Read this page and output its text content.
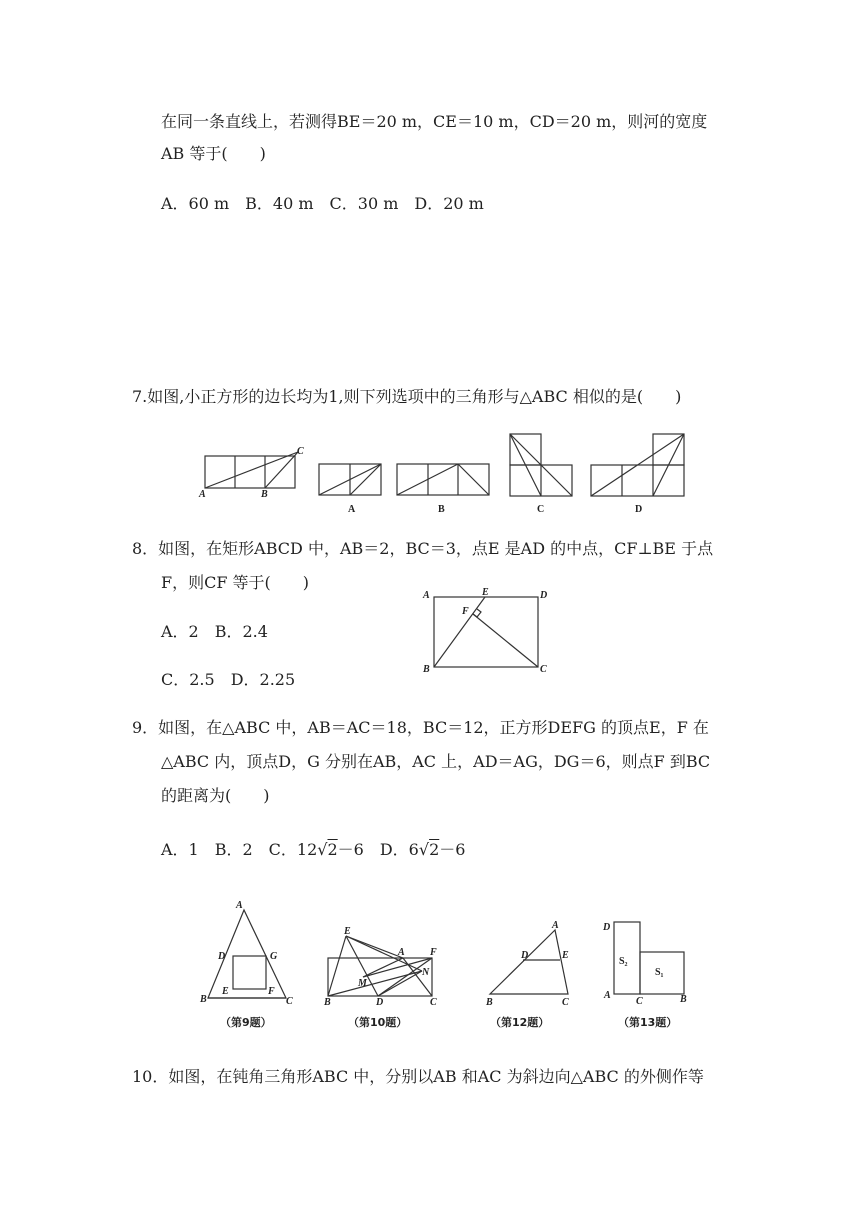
在同一条直线上，若测得BE＝20 m，CE＝10 m，CD＝20 m，则河的宽度
AB 等于(　　)
A．60 m　B．40 m　C．30 m　D．20 m
7.如图,小正方形的边长均为1,则下列选项中的三角形与△ABC 相似的是(　　)
A	B
C
A	B	C	D
8．如图，在矩形ABCD 中，AB＝2，BC＝3，点E 是AD 的中点，CF⊥BE 于点
F，则CF 等于(　　)
A．2　B．2.4
C．2.5　D．2.25
A	E	D
F
B	C
9．如图，在△ABC 中，AB＝AC＝18，BC＝12，正方形DEFG 的顶点E，F 在
△ABC 内，顶点D，G 分别在AB，AC 上，AD＝AG，DG＝6，则点F 到BC
的距离为(　　)
A．1　B．2　C．12√2－6　D．6√2－6
A
D	G
E	F
B	C
（第9题）
E
A	F
N
M
B	D	C
（第10题）
A
D	E
B	C
（第12题）
D
S₂
S₁
A
C	B
（第13题）
10．如图，在钝角三角形ABC 中，分别以AB 和AC 为斜边向△ABC 的外侧作等
